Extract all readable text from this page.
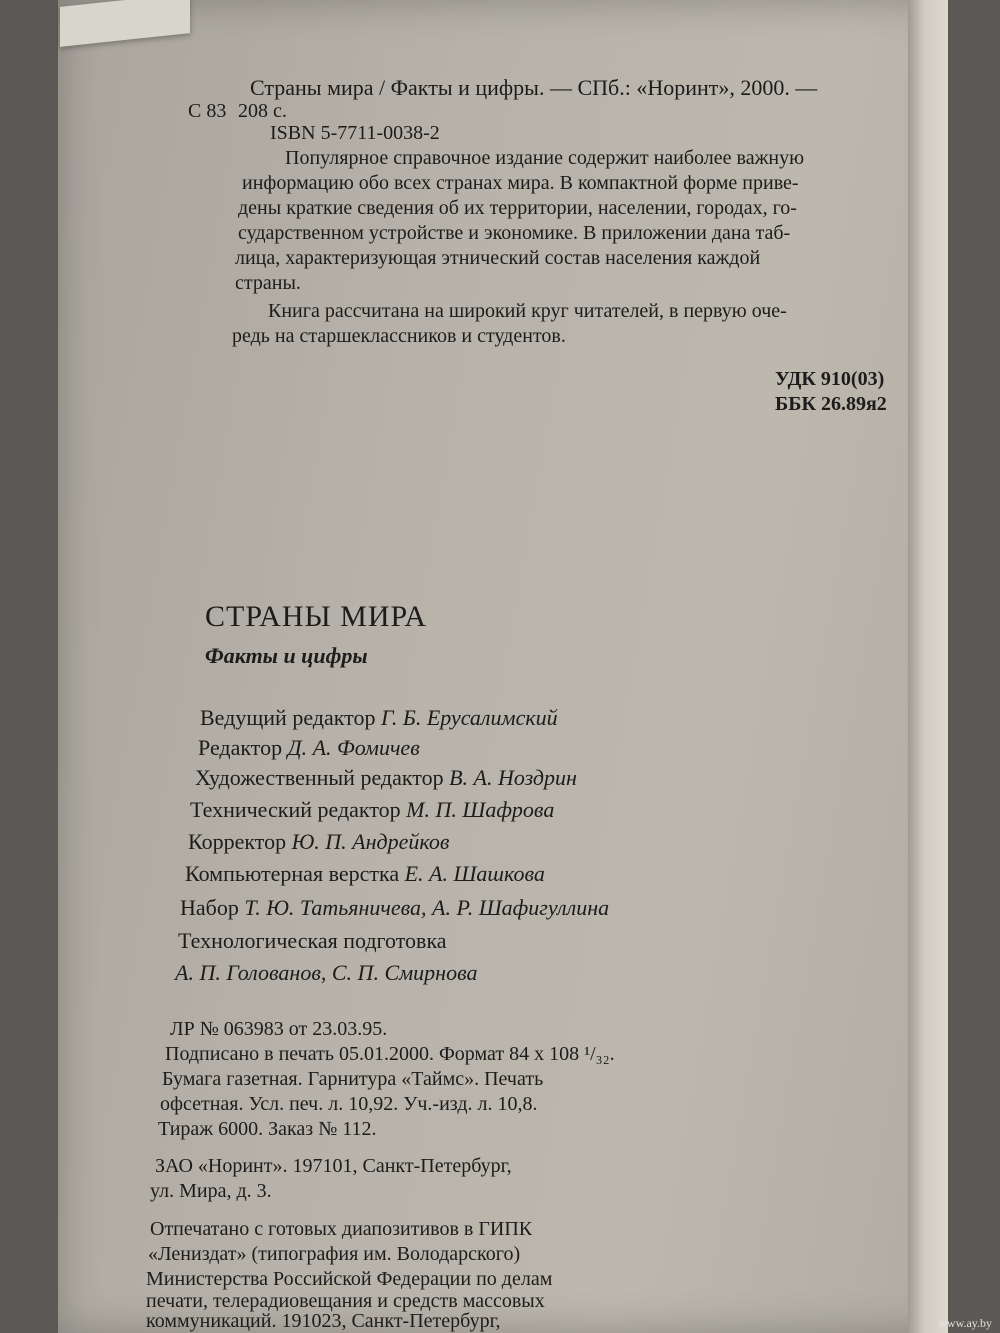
Страны мира / Факты и цифры. — СПб.: «Норинт», 2000. —
С 83 208 с.
ISBN 5-7711-0038-2
Популярное справочное издание содержит наиболее важную
информацию обо всех странах мира. В компактной форме приве-
дены краткие сведения об их территории, населении, городах, го-
сударственном устройстве и экономике. В приложении дана таб-
лица, характеризующая этнический состав населения каждой
страны.
Книга рассчитана на широкий круг читателей, в первую оче-
редь на старшеклассников и студентов.
УДК 910(03)
ББК 26.89я2
СТРАНЫ МИРА
Факты и цифры
Ведущий редактор Г. Б. Ерусалимский
Редактор Д. А. Фомичев
Художественный редактор В. А. Ноздрин
Технический редактор М. П. Шафрова
Корректор Ю. П. Андрейков
Компьютерная верстка Е. А. Шашкова
Набор Т. Ю. Татьяничева, А. Р. Шафигуллина
Технологическая подготовка
А. П. Голованов, С. П. Смирнова
ЛР № 063983 от 23.03.95.
Подписано в печать 05.01.2000. Формат 84 х 108 ¹/₃₂.
Бумага газетная. Гарнитура «Таймс». Печать
офсетная. Усл. печ. л. 10,92. Уч.-изд. л. 10,8.
Тираж 6000. Заказ № 112.
ЗАО «Норинт». 197101, Санкт-Петербург,
ул. Мира, д. 3.
Отпечатано с готовых диапозитивов в ГИПК
«Лениздат» (типография им. Володарского)
Министерства Российской Федерации по делам
печати, телерадиовещания и средств массовых
коммуникаций. 191023, Санкт-Петербург,	www.ay.by
